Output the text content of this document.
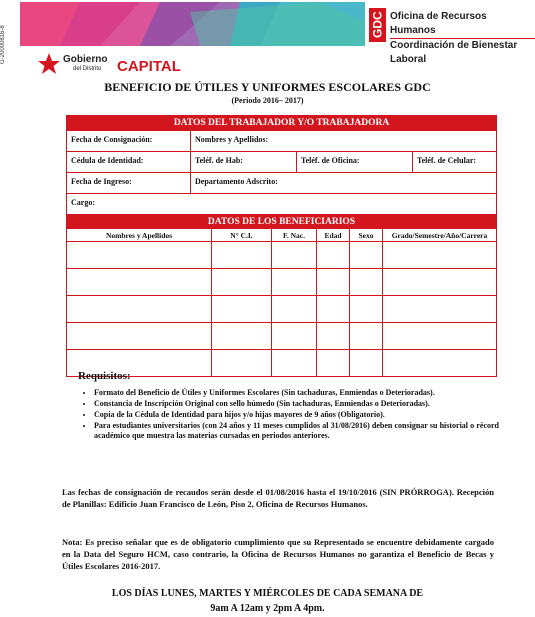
G-20000816-8
GDC Oficina de Recursos Humanos
Coordinación de Bienestar Laboral
Gobierno
del Distrito CAPITAL
BENEFICIO DE ÚTILES Y UNIFORMES ESCOLARES GDC
(Periodo 2016– 2017)
DATOS DEL TRABAJADOR Y/O TRABAJADORA
Fecha de Consignación:	Nombres y Apellidos:
Cédula de Identidad:	Teléf. de Hab:	Teléf. de Oficina:	Teléf. de Celular:
Fecha de Ingreso:	Departamento Adscrito:
Cargo:
DATOS DE LOS BENEFICIARIOS
Nombres y Apellidos	N° C.I.	F. Nac.	Edad	Sexo	Grado/Semestre/Año/Carrera

Requisitos:
• Formato del Beneficio de Útiles y Uniformes Escolares (Sin tachaduras, Enmiendas o Deterioradas).
• Constancia de Inscripción Original con sello húmedo (Sin tachaduras, Enmiendas o Deterioradas).
• Copia de la Cédula de Identidad para hijos y/o hijas mayores de 9 años (Obligatorio).
• Para estudiantes universitarios (con 24 años y 11 meses cumplidos al 31/08/2016) deben consignar su historial o récord académico que muestra las materias cursadas en periodos anteriores.
Las fechas de consignación de recaudos serán desde el 01/08/2016 hasta el 19/10/2016 (SIN PRÓRROGA). Recepción de Planillas: Edificio Juan Francisco de León, Piso 2, Oficina de Recursos Humanos.
Nota: Es preciso señalar que es de obligatorio cumplimiento que su Representado se encuentre debidamente cargado en la Data del Seguro HCM, caso contrario, la Oficina de Recursos Humanos no garantiza el Beneficio de Becas y Útiles Escolares 2016-2017.
LOS DÍAS LUNES, MARTES Y MIÉRCOLES DE CADA SEMANA DE
9am A 12am y 2pm A 4pm.
